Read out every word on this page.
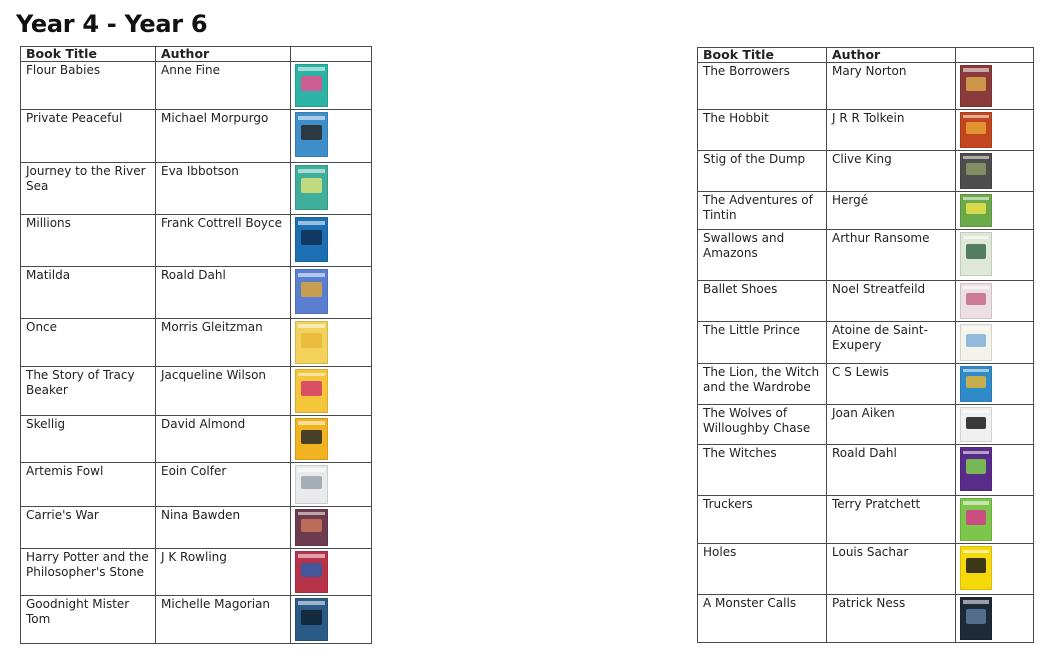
Year 4 - Year 6
Book Title	Author	
Flour Babies	Anne Fine	

Private Peaceful	Michael Morpurgo	

Journey to the River Sea	Eva Ibbotson	

Millions	Frank Cottrell Boyce	

Matilda	Roald Dahl	

Once	Morris Gleitzman	

The Story of Tracy Beaker	Jacqueline Wilson	

Skellig	David Almond	

Artemis Fowl	Eoin Colfer	

Carrie's War	Nina Bawden	

Harry Potter and the Philosopher's Stone	J K Rowling	

Goodnight Mister Tom	Michelle Magorian	
Book Title	Author	
The Borrowers	Mary Norton	

The Hobbit	J R R Tolkein	

Stig of the Dump	Clive King	

The Adventures of Tintin	Hergé	

Swallows and Amazons	Arthur Ransome	

Ballet Shoes	Noel Streatfeild	

The Little Prince	Atoine de Saint-Exupery	

The Lion, the Witch and the Wardrobe	C S Lewis	

The Wolves of Willoughby Chase	Joan Aiken	

The Witches	Roald Dahl	

Truckers	Terry Pratchett	

Holes	Louis Sachar	

A Monster Calls	Patrick Ness	
